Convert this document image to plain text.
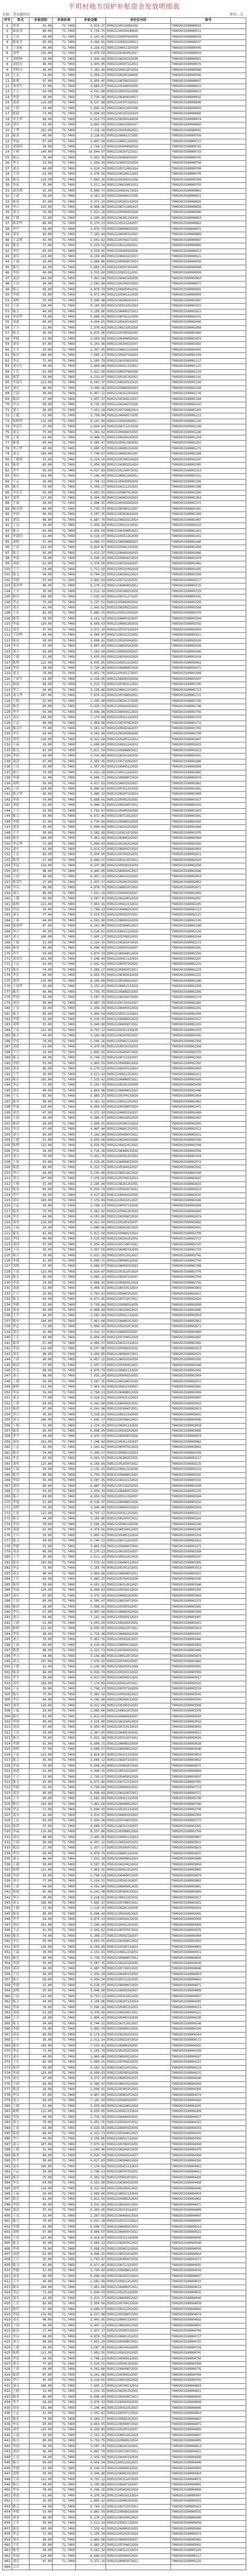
平坦村地方国炉补贴资金发放明细表
乡镇：老头楼村村	单位：元
序号	姓名	补贴面积	补贴标准	补贴金额	身份证号码	账号
1	李荣	42.00	71.7469	3,013.37	350521195210081032	79001653100000502
2	陈家荣	80.00	71.7469	5,739.75	350521195509190016	79001653100000511
3	王金	30.00	71.7469	2,152.41	350521195607042076	79001653100000529
4	陈家才	60.00	71.7469	4,304.81	350521195803250013	79001653100000537
5	王金标	45.00	71.7469	3,228.61	350521196011161018	79001653100000545
6	刘华	132.00	71.7469	9,470.59	350521195402052017	79001653100000553
7	刘德林	20.00	71.7469	1,434.94	350521196203101036	79001653100000561
8	刘德光	48.00	71.7469	3,443.85	350521196507212013	79001653100000570
9	李阿兴	99.00	71.7469	7,102.94	350521195811071034	79001653100000588
10	王永	74.00	71.7469	5,309.27	350521196105160035	79001653100000596
11	陈明	97.00	71.7469	6,959.45	350521196708231015	79001653100000607
12	刘金生	57.00	71.7469	4,089.57	350521195306031050	79001653100000615
13	王天	64.00	71.7469	4,591.80	350521195910152036	79001653100000623
14	李进	38.00	71.7469	2,726.38	350521196404010017	79001653100000631
15	刘春	119.00	71.7469	8,537.88	350521195707282013	79001653100000640
16	王海	26.00	71.7469	1,865.42	350521196912051038	79001653100000658
17	陈德	71.00	71.7469	5,094.03	350521195102191019	79001653100000666
18	李文华	88.00	71.7469	6,313.73	350521196309142034	79001653100000674
19	刘开	53.00	71.7469	3,802.59	350521196610301017	79001653100000682
20	王华	102.00	71.7469	7,318.18	350521195505082012	79001653100000691
21	陈金	45.00	71.7469	3,228.61	350521196001271055	79001653100000709
22	李福	67.00	71.7469	4,807.04	350521196811181031	79001653100000717
23	刘建国	39.00	71.7469	2,798.13	350521195604092016	79001653100000725
24	王明	140.00	71.7469	10,044.57	350521196207121011	79001653100000733
25	陈志	76.00	71.7469	5,452.76	350521195909031037	79001653100000741
26	李天	23.00	71.7469	1,650.18	350521196502252018	79001653100000750
27	刘水	84.00	71.7469	6,026.74	350521195712061014	79001653100000768
28	王清	61.00	71.7469	4,376.56	350521196108112033	79001653100000776
29	陈良	110.00	71.7469	7,892.16	350521195303211036	79001653100000784
30	李泉	35.00	71.7469	2,511.14	350521196610051012	79001653100000792
31	刘光明	92.00	71.7469	6,600.71	350521195810172019	79001653100000803
32	王进	58.00	71.7469	4,161.32	350521196404211035	79001653100000811
33	陈春	47.00	71.7469	3,372.10	350521195202132016	79001653100000820
34	李兴	125.00	71.7469	8,968.36	350521196711081013	79001653100000838
35	刘义	70.00	71.7469	5,022.28	350521195906052034	79001653100000846
36	王德	32.00	71.7469	2,295.90	350521196301191010	79001653100000854
37	陈金华	86.00	71.7469	6,170.23	350521195511242037	79001653100000862
38	李平	54.00	71.7469	3,874.33	350521196009031018	79001653100000871
39	刘安	99.00	71.7469	7,102.94	350521196506152015	79001653100000889
40	王志明	41.00	71.7469	2,941.62	350521195708271032	79001653100000897
41	陈水	77.00	71.7469	5,524.51	350521196212091011	79001653100000905
42	李长	63.00	71.7469	4,520.05	350521195404162036	79001653100000913
43	刘荣	115.00	71.7469	8,250.89	350521196810231017	79001653100000921
44	王福	29.00	71.7469	2,080.66	350521195603072014	79001653100000930
45	陈光	82.00	71.7469	5,883.25	350521196107291035	79001653100000948
46	李国	49.00	71.7469	3,515.60	350521195812112012	79001653100000956
47	刘清	104.00	71.7469	7,461.68	350521196403181039	79001653100000964
48	王良	36.00	71.7469	2,582.89	350521195209252010	79001653100000972
49	陈天	68.00	71.7469	4,878.79	350521196605041031	79001653100000981
50	李建	93.00	71.7469	6,672.46	350521195901122018	79001653100000999
51	刘明	55.00	71.7469	3,946.08	350521196308262014	79001653100001007
52	王泉	128.00	71.7469	9,183.60	350521195511012033	79001653100001015
53	陈文	44.00	71.7469	3,156.86	350521196006171012	79001653100001023
54	李春华	79.00	71.7469	5,668.01	350521196702222039	79001653100001031
55	刘进	60.00	71.7469	4,304.81	350521195410141015	79001653100001040
56	王兴	22.00	71.7469	1,578.43	350521196111052016	79001653100001058
57	陈义	95.00	71.7469	6,815.96	350521195706281033	79001653100001066
58	李德	51.00	71.7469	3,659.09	350521196409092010	79001653100001074
59	刘金	87.00	71.7469	6,241.98	350521195304231037	79001653100001082
60	王平	33.00	71.7469	2,367.65	350521196812122018	79001653100001091
61	陈安	106.00	71.7469	7,605.17	350521195607192014	79001653100001109
62	李志	72.00	71.7469	5,165.78	350521196203031031	79001653100001117
63	刘水生	40.00	71.7469	2,869.88	350521195911152012	79001653100001125
64	王长	81.00	71.7469	5,811.50	350521196507082039	79001653100001133
65	陈荣	59.00	71.7469	4,233.07	350521195201262015	79001653100001141
66	李福生	121.00	71.7469	8,681.37	350521196610131016	79001653100001150
67	刘光	46.00	71.7469	3,300.36	350521195805042033	79001653100001168
68	王国	90.00	71.7469	6,457.22	350521196312201010	79001653100001176
69	陈清	27.00	71.7469	1,937.17	350521195509112037	79001653100001184
70	李良	66.00	71.7469	4,735.30	350521196104271018	79001653100001192
71	刘天	98.00	71.7469	7,031.20	350521195710062014	79001653100001203
72	王建	52.00	71.7469	3,730.84	350521196408171035	79001653100001211
73	陈明华	113.00	71.7469	8,107.40	350521195302092012	79001653100001220
74	李泉生	37.00	71.7469	2,654.64	350521196711211039	79001653100001238
75	刘文	75.00	71.7469	5,381.02	350521195904032015	79001653100001246
76	王春	62.00	71.7469	4,448.31	350521196209141016	79001653100001254
77	陈进	89.00	71.7469	6,385.47	350521195412282033	79001653100001262
78	李兴华	43.00	71.7469	3,085.12	350521196005152010	79001653100001271
79	刘义	108.00	71.7469	7,748.67	350521196601061037	79001653100001289
80	王德明	31.00	71.7469	2,224.15	350521195708192018	79001653100001297
81	陈金	83.00	71.7469	5,954.99	350521196303252014	79001653100001305
82	李平	56.00	71.7469	4,017.83	350521195210072031	79001653100001313
83	刘安	101.00	71.7469	7,246.44	350521196812182012	79001653100001321
84	王志	39.00	71.7469	2,798.13	350521195605092039	79001653100001330
85	陈水	74.00	71.7469	5,309.27	350521196111232015	79001653100001348
86	李长生	65.00	71.7469	4,663.55	350521195807012016	79001653100001356
87	刘荣	117.00	71.7469	8,394.39	350521196402162033	79001653100001364
88	王福	28.00	71.7469	2,008.91	350521195509282010	79001653100001372
89	陈光明	80.00	71.7469	5,739.75	350521196706112037	79001653100001381
90	李国	50.00	71.7469	3,587.35	350521195303042018	79001653100001399
91	刘清	96.00	71.7469	6,887.70	350521196010212014	79001653100001407
92	王良	34.00	71.7469	2,439.39	350521195612132031	79001653100001415
93	陈天	69.00	71.7469	4,950.54	350521196204052012	79001653100001423
94	李建国	91.00	71.7469	6,528.97	350521195911262039	79001653100001431
95	刘明	57.00	71.7469	4,089.57	350521196508082015	79001653100001440
96	王泉	123.00	71.7469	8,824.87	350521195401192016	79001653100001458
97	陈文	42.00	71.7469	3,013.37	350521196609242033	79001653100001466
98	李春	78.00	71.7469	5,596.26	350521195803072010	79001653100001474
99	刘进	61.00	71.7469	4,376.56	350521196310182037	79001653100001482
100	王兴	24.00	71.7469	1,721.93	350521195510302018	79001653100001491
101	陈义	94.00	71.7469	6,744.21	350521196106122014	79001653100001509
102	李德	53.00	71.7469	3,802.59	350521195712252031	79001653100001517
103	刘金华	86.00	71.7469	6,170.23	350521196404032012	79001653100001525
104	王平	35.00	71.7469	2,511.14	350521195208152039	79001653100001533
105	陈安	105.00	71.7469	7,533.42	350521196711272015	79001653100001541
106	李志	73.00	71.7469	5,237.52	350521195902092016	79001653100001550
107	刘水	41.00	71.7469	2,941.62	350521196208212033	79001653100001568
108	王长	82.00	71.7469	5,883.25	350521195411032010	79001653100001576
109	陈荣	58.00	71.7469	4,161.32	350521196005162037	79001653100001584
110	李福	120.00	71.7469	8,609.63	350521196601282018	79001653100001592
111	刘光	47.00	71.7469	3,372.10	350521195707102014	79001653100001603
112	王国华	89.00	71.7469	6,385.47	350521196312222031	79001653100001611
113	陈清	28.00	71.7469	2,008.91	350521195203042012	79001653100001620
114	李良	67.00	71.7469	4,807.04	350521196810162039	79001653100001638
115	刘天	99.00	71.7469	7,102.94	350521195609282015	79001653100001646
116	王建	51.00	71.7469	3,659.09	350521196104102016	79001653100001654
117	陈明	112.00	71.7469	8,035.65	350521195812222033	79001653100001662
118	李泉	38.00	71.7469	2,726.38	350521196406052010	79001653100001671
119	刘文	76.00	71.7469	5,452.76	350521195501172037	79001653100001689
120	王春生	63.00	71.7469	4,520.05	350521196609292018	79001653100001697
121	陈进	88.00	71.7469	6,313.73	350521195303112014	79001653100001705
122	李兴	44.00	71.7469	3,156.86	350521196012232031	79001653100001713
123	刘义华	107.00	71.7469	7,676.92	350521195708052012	79001653100001721
124	王德	32.00	71.7469	2,295.90	350521196201172039	79001653100001730
125	陈金	84.00	71.7469	6,026.74	350521195910292015	79001653100001748
126	李平	55.00	71.7469	3,946.08	350521196504112016	79001653100001756
127	刘安	100.00	71.7469	7,174.69	350521195411232033	79001653100001764
128	王志	40.00	71.7469	2,869.88	350521196707062010	79001653100001772
129	陈水生	75.00	71.7469	5,381.02	350521195602182037	79001653100001781
130	李长	64.00	71.7469	4,591.80	350521196309302018	79001653100001799
131	刘荣	116.00	71.7469	8,322.64	350521195205122014	79001653100001807
132	王福	29.00	71.7469	2,080.66	350521196812242031	79001653100001815
133	陈光	81.00	71.7469	5,811.50	350521195808062012	79001653100001823
134	李国	49.00	71.7469	3,515.60	350521196102182039	79001653100001831
135	刘清	97.00	71.7469	6,959.45	350521195710302015	79001653100001840
136	王良	33.00	71.7469	2,367.65	350521196405122016	79001653100001858
137	陈天	70.00	71.7469	5,022.28	350521195512242033	79001653100001866
138	李建	92.00	71.7469	6,600.71	350521196008072010	79001653100001874
139	刘明	56.00	71.7469	4,017.83	350521196603192037	79001653100001882
140	王泉	124.00	71.7469	8,896.62	350521195311312018	79001653100001891
141	陈文华	43.00	71.7469	3,085.12	350521196207132014	79001653100001909
142	李春	79.00	71.7469	5,668.01	350521195902252031	79001653100001917
143	刘进	62.00	71.7469	4,448.31	350521196510072012	79001653100001925
144	王兴	25.00	71.7469	1,793.67	350521195405192039	79001653100001933
145	陈义	93.00	71.7469	6,672.46	350521196712012015	79001653100001941
146	李德	52.00	71.7469	3,730.84	350521195608132016	79001653100001950
147	刘金	85.00	71.7469	6,098.49	350521196103252033	79001653100001968
148	王平	36.00	71.7469	2,582.89	350521195811072010	79001653100001976
149	陈安	104.00	71.7469	7,461.68	350521196406192037	79001653100001984
150	李志华	71.00	71.7469	5,094.03	350521195201012018	79001653100001992
151	刘水	42.00	71.7469	3,013.37	350521196609132014	79001653100002003
152	王长	83.00	71.7469	5,954.99	350521195704252031	79001653100002011
153	陈荣	57.00	71.7469	4,089.57	350521196312072012	79001653100002020
154	李福	119.00	71.7469	8,537.88	350521195508192039	79001653100002038
155	刘光	48.00	71.7469	3,443.85	350521196002012015	79001653100002046
156	王国	90.00	71.7469	6,457.22	350521196610132016	79001653100002054
157	陈清生	27.00	71.7469	1,937.17	350521195305252033	79001653100002062
158	李良	68.00	71.7469	4,878.79	350521196801072010	79001653100002071
159	刘天	98.00	71.7469	7,031.20	350521195609192037	79001653100002089
160	王建	50.00	71.7469	3,587.35	350521196104012018	79001653100002097
161	陈明	111.00	71.7469	7,963.91	350521195812132014	79001653100002105
162	李泉	39.00	71.7469	2,798.13	350521196408252031	79001653100002113
163	刘文	77.00	71.7469	5,524.51	350521195501072012	79001653100002121
164	王春	64.00	71.7469	4,591.80	350521196609192039	79001653100002130
165	陈进华	87.00	71.7469	6,241.98	350521195304012015	79001653100002148
166	李兴	45.00	71.7469	3,228.61	350521196012132016	79001653100002156
167	刘义	106.00	71.7469	7,605.17	350521195708252033	79001653100002164
168	王德	31.00	71.7469	2,224.15	350521196201072010	79001653100002172
169	陈金	85.00	71.7469	6,098.49	350521195910192037	79001653100002181
170	李平	54.00	71.7469	3,874.33	350521196504012018	79001653100002199
171	刘安生	101.00	71.7469	7,246.44	350521195411132014	79001653100002207
172	王志	41.00	71.7469	2,941.62	350521196707252031	79001653100002215
173	陈水	74.00	71.7469	5,309.27	350521195602072012	79001653100002223
174	李长	65.00	71.7469	4,663.55	350521196309192039	79001653100002231
175	刘荣	115.00	71.7469	8,250.89	350521195205012015	79001653100002240
176	王福华	30.00	71.7469	2,152.41	350521196812132016	79001653100002258
177	陈光	80.00	71.7469	5,739.75	350521195808252033	79001653100002266
178	李国	50.00	71.7469	3,587.35	350521196102072010	79001653100002274
179	刘清	96.00	71.7469	6,887.70	350521195710192037	79001653100002282
180	王良	34.00	71.7469	2,439.39	350521196405012018	79001653100002291
181	陈天	69.00	71.7469	4,950.54	350521195512132014	79001653100002309
182	李建	91.00	71.7469	6,528.97	350521196008252031	79001653100002317
183	刘明	55.00	71.7469	3,946.08	350521196603072012	79001653100002325
184	王泉	122.00	71.7469	8,753.12	350521195311192039	79001653100002333
185	陈文	44.00	71.7469	3,156.86	350521196207012015	79001653100002341
186	李春	78.00	71.7469	5,596.26	350521195902132016	79001653100002350
187	刘进	61.00	71.7469	4,376.56	350521196510252033	79001653100002368
188	王兴	26.00	71.7469	1,865.42	350521195405072010	79001653100002376
189	陈义	94.00	71.7469	6,744.21	350521196712192037	79001653100002384
190	李德	53.00	71.7469	3,802.59	350521195608012018	79001653100002392
191	刘金	86.00	71.7469	6,170.23	350521196103132014	79001653100002403
192	王平	35.00	71.7469	2,511.14	350521195811252031	79001653100002411
193	陈安	105.00	71.7469	7,533.42	350521196406072012	79001653100002420
194	李志	72.00	71.7469	5,165.78	350521195201192039	79001653100002438
195	刘水	40.00	71.7469	2,869.88	350521196609012015	79001653100002446
196	王长	82.00	71.7469	5,883.25	350521195704132016	79001653100002454
197	陈荣	58.00	71.7469	4,161.32	350521196312252033	79001653100002462
198	李福	120.00	71.7469	8,609.63	350521195508072010	79001653100002471
199	刘光	47.00	71.7469	3,372.10	350521196002192037	79001653100002489
200	王国	89.00	71.7469	6,385.47	350521196610012018	79001653100002497
201	陈清	28.00	71.7469	2,008.91	350521195305132014	79001653100002505
202	李良	67.00	71.7469	4,807.04	350521196801252031	79001653100002513
203	刘天	99.00	71.7469	7,102.94	350521195609072012	79001653100002521
204	王建	51.00	71.7469	3,659.09	350521196104192039	79001653100002530
205	陈明	112.00	71.7469	8,035.65	350521195812012015	79001653100002548
206	李泉	38.00	71.7469	2,726.38	350521196408132016	79001653100002556
207	刘文	76.00	71.7469	5,452.76	350521195501252033	79001653100002564
208	王春	63.00	71.7469	4,520.05	350521196609072010	79001653100002572
209	陈进	88.00	71.7469	6,313.73	350521195304192037	79001653100002581
210	李兴	44.00	71.7469	3,156.86	350521196012012018	79001653100002599
211	刘义	107.00	71.7469	7,676.92	350521195708132014	79001653100002607
212	王德	32.00	71.7469	2,295.90	350521196201252031	79001653100002615
213	陈金	84.00	71.7469	6,026.74	350521195910072012	79001653100002623
214	李平	56.00	71.7469	4,017.83	350521196504192039	79001653100002631
215	刘安	100.00	71.7469	7,174.69	350521195411012015	79001653100002640
216	王志	39.00	71.7469	2,798.13	350521196707132016	79001653100002658
217	陈水	75.00	71.7469	5,381.02	350521195602252033	79001653100002666
218	李长	64.00	71.7469	4,591.80	350521196309072010	79001653100002674
219	刘荣	116.00	71.7469	8,322.64	350521195205192037	79001653100002682
220	王福	29.00	71.7469	2,080.66	350521196812012018	79001653100002691
221	陈光	81.00	71.7469	5,811.50	350521195808132014	79001653100002709
222	李国	49.00	71.7469	3,515.60	350521196102252031	79001653100002717
223	刘清	97.00	71.7469	6,959.45	350521195710072012	79001653100002725
224	王良	33.00	71.7469	2,367.65	350521196405192039	79001653100002733
225	陈天	70.00	71.7469	5,022.28	350521195512012015	79001653100002741
226	李建	92.00	71.7469	6,600.71	350521196008132016	79001653100002750
227	刘明	57.00	71.7469	4,089.57	350521196603252033	79001653100002768
228	王泉	123.00	71.7469	8,824.87	350521195311072010	79001653100002776
229	陈文	43.00	71.7469	3,085.12	350521196207192037	79001653100002784
230	李春	79.00	71.7469	5,668.01	350521195902012018	79001653100002792
231	刘进	62.00	71.7469	4,448.31	350521196510132014	79001653100002803
232	王兴	25.00	71.7469	1,793.67	350521195405252031	79001653100002811
233	陈义	93.00	71.7469	6,672.46	350521196712072012	79001653100002820
234	李德	52.00	71.7469	3,730.84	350521195608192039	79001653100002838
235	刘金	85.00	71.7469	6,098.49	350521196103012015	79001653100002846
236	王平	36.00	71.7469	2,582.89	350521195811132016	79001653100002854
237	陈安	104.00	71.7469	7,461.68	350521196406252033	79001653100002862
238	李志	71.00	71.7469	5,094.03	350521195201072010	79001653100002871
239	刘水	42.00	71.7469	3,013.37	350521196609192037	79001653100002889
240	王长	83.00	71.7469	5,954.99	350521195704012018	79001653100002897
241	陈荣	57.00	71.7469	4,089.57	350521196312132014	79001653100002905
242	李福	119.00	71.7469	8,537.88	350521195508252031	79001653100002913
243	刘光	48.00	71.7469	3,443.85	350521196002072012	79001653100002921
244	王国	90.00	71.7469	6,457.22	350521196610192039	79001653100002930
245	陈清	27.00	71.7469	1,937.17	350521195305012015	79001653100002948
246	李良	68.00	71.7469	4,878.79	350521196801132016	79001653100002956
247	刘天	98.00	71.7469	7,031.20	350521195609252033	79001653100002964
248	王建	50.00	71.7469	3,587.35	350521196104072010	79001653100002972
249	陈明	111.00	71.7469	7,963.91	350521195812192037	79001653100002981
250	李泉	39.00	71.7469	2,798.13	350521196408012018	79001653100002999
251	刘文	77.00	71.7469	5,524.51	350521195501132014	79001653100003007
252	王春	64.00	71.7469	4,591.80	350521196609252031	79001653100003015
253	陈进	87.00	71.7469	6,241.98	350521195304072012	79001653100003023
254	李兴	45.00	71.7469	3,228.61	350521196012192039	79001653100003031
255	刘义	106.00	71.7469	7,605.17	350521195708012015	79001653100003040
256	王德	31.00	71.7469	2,224.15	350521196201132016	79001653100003058
257	陈金	85.00	71.7469	6,098.49	350521195910252033	79001653100003066
258	李平	54.00	71.7469	3,874.33	350521196504072010	79001653100003074
259	刘安	101.00	71.7469	7,246.44	350521195411192037	79001653100003082
260	王志	41.00	71.7469	2,941.62	350521196707012018	79001653100003091
261	陈水	74.00	71.7469	5,309.27	350521195602132014	79001653100003109
262	李长	65.00	71.7469	4,663.55	350521196309252031	79001653100003117
263	刘荣	115.00	71.7469	8,250.89	350521195205072012	79001653100003125
264	王福	30.00	71.7469	2,152.41	350521196812192039	79001653100003133
265	陈光	80.00	71.7469	5,739.75	350521195808012015	79001653100003141
266	李国	50.00	71.7469	3,587.35	350521196102132016	79001653100003150
267	刘清	96.00	71.7469	6,887.70	350521195710252033	79001653100003168
268	王良	34.00	71.7469	2,439.39	350521196405072010	79001653100003176
269	陈天	69.00	71.7469	4,950.54	350521195512192037	79001653100003184
270	李建	91.00	71.7469	6,528.97	350521196008012018	79001653100003192
271	刘明	55.00	71.7469	3,946.08	350521196603132014	79001653100003203
272	王泉	122.00	71.7469	8,753.12	350521195311252031	79001653100003211
273	陈文	44.00	71.7469	3,156.86	350521196207072012	79001653100003220
274	李春	78.00	71.7469	5,596.26	350521195902192039	79001653100003238
275	刘进	61.00	71.7469	4,376.56	350521196510012015	79001653100003246
276	王兴	26.00	71.7469	1,865.42	350521195405132016	79001653100003254
277	陈义	94.00	71.7469	6,744.21	350521196712252033	79001653100003262
278	李德	53.00	71.7469	3,802.59	350521195608072010	79001653100003271
279	刘金	86.00	71.7469	6,170.23	350521196103192037	79001653100003289
280	王平	35.00	71.7469	2,511.14	350521195811012018	79001653100003297
281	陈安	105.00	71.7469	7,533.42	350521196406132014	79001653100003305
282	李志	72.00	71.7469	5,165.78	350521195201252031	79001653100003313
283	刘水	40.00	71.7469	2,869.88	350521196609072012	79001653100003321
284	王长	82.00	71.7469	5,883.25	350521195704192039	79001653100003330
285	陈荣	58.00	71.7469	4,161.32	350521196312012015	79001653100003348
286	李福	120.00	71.7469	8,609.63	350521195508132016	79001653100003356
287	刘光	47.00	71.7469	3,372.10	350521196002252033	79001653100003364
288	王国	89.00	71.7469	6,385.47	350521196610072010	79001653100003372
289	陈清	28.00	71.7469	2,008.91	350521195305192037	79001653100003381
290	李良	67.00	71.7469	4,807.04	350521196801012018	79001653100003399
291	刘天	99.00	71.7469	7,102.94	350521195609132014	79001653100003407
292	王建	51.00	71.7469	3,659.09	350521196104252031	79001653100003415
293	陈明	112.00	71.7469	8,035.65	350521195812072012	79001653100003423
294	李泉	38.00	71.7469	2,726.38	350521196408192039	79001653100003431
295	刘文	76.00	71.7469	5,452.76	350521195501012015	79001653100003440
296	王春	63.00	71.7469	4,520.05	350521196609132016	79001653100003458
297	陈进	88.00	71.7469	6,313.73	350521195304252033	79001653100003466
298	李兴	44.00	71.7469	3,156.86	350521196012072010	79001653100003474
299	刘义	107.00	71.7469	7,676.92	350521195708192037	79001653100003482
300	王德	32.00	71.7469	2,295.90	350521196201012018	79001653100003491
301	陈金	84.00	71.7469	6,026.74	350521195910132014	79001653100003509
302	李平	56.00	71.7469	4,017.83	350521196504252031	79001653100003517
303	刘安	100.00	71.7469	7,174.69	350521195411072012	79001653100003525
304	王志	39.00	71.7469	2,798.13	350521196707192039	79001653100003533
305	陈水	75.00	71.7469	5,381.02	350521195602012015	79001653100003541
306	李长	64.00	71.7469	4,591.80	350521196309132016	79001653100003550
307	刘荣	116.00	71.7469	8,322.64	350521195205252033	79001653100003568
308	王福	29.00	71.7469	2,080.66	350521196812072010	79001653100003576
309	陈光	81.00	71.7469	5,811.50	350521195808192037	79001653100003584
310	李国	49.00	71.7469	3,515.60	350521196102012018	79001653100003592
311	刘清	97.00	71.7469	6,959.45	350521195710132014	79001653100003603
312	王良	33.00	71.7469	2,367.65	350521196405252031	79001653100003611
313	陈天	70.00	71.7469	5,022.28	350521195512072012	79001653100003620
314	李建	92.00	71.7469	6,600.71	350521196008192039	79001653100003638
315	刘明	57.00	71.7469	4,089.57	350521196603012015	79001653100003646
316	王泉	123.00	71.7469	8,824.87	350521195311132016	79001653100003654
317	陈文	43.00	71.7469	3,085.12	350521196207252033	79001653100003662
318	李春	79.00	71.7469	5,668.01	350521195902072010	79001653100003671
319	刘进	62.00	71.7469	4,448.31	350521196510192037	79001653100003689
320	王兴	25.00	71.7469	1,793.67	350521195405012018	79001653100003697
321	陈义	93.00	71.7469	6,672.46	350521196712132014	79001653100003705
322	李德	52.00	71.7469	3,730.84	350521195608252031	79001653100003713
323	刘金	85.00	71.7469	6,098.49	350521196103072012	79001653100003721
324	王平	36.00	71.7469	2,582.89	350521195811192039	79001653100003730
325	陈安	104.00	71.7469	7,461.68	350521196406012015	79001653100003748
326	李志	71.00	71.7469	5,094.03	350521195201132016	79001653100003756
327	刘水	42.00	71.7469	3,013.37	350521196609252033	79001653100003764
328	王长	83.00	71.7469	5,954.99	350521195704072010	79001653100003772
329	陈荣	57.00	71.7469	4,089.57	350521196312192037	79001653100003781
330	李福	119.00	71.7469	8,537.88	350521195508012018	79001653100003799
331	刘光	48.00	71.7469	3,443.85	350521196002132014	79001653100003807
332	王国	90.00	71.7469	6,457.22	350521196610252031	79001653100003815
333	陈清	27.00	71.7469	1,937.17	350521195305072012	79001653100003823
334	李良	68.00	71.7469	4,878.79	350521196801192039	79001653100003831
335	刘天	98.00	71.7469	7,031.20	350521195609012015	79001653100003840
336	王建	50.00	71.7469	3,587.35	350521196104132016	79001653100003858
337	陈明	111.00	71.7469	7,963.91	350521195812252033	79001653100003866
338	李泉	39.00	71.7469	2,798.13	350521196408072010	79001653100003874
339	刘文	77.00	71.7469	5,524.51	350521195501192037	79001653100003882
340	王春	64.00	71.7469	4,591.80	350521196609012018	79001653100003891
341	陈进	87.00	71.7469	6,241.98	350521195304132014	79001653100003909
342	李兴	45.00	71.7469	3,228.61	350521196012252031	79001653100003917
343	刘义	106.00	71.7469	7,605.17	350521195708072012	79001653100003925
344	王德	31.00	71.7469	2,224.15	350521196201192039	79001653100003933
345	陈金	85.00	71.7469	6,098.49	350521195910012015	79001653100003941
346	李平	54.00	71.7469	3,874.33	350521196504132016	79001653100003950
347	刘安	101.00	71.7469	7,246.44	350521195411252033	79001653100003968
348	王志	41.00	71.7469	2,941.62	350521196707072010	79001653100003976
349	陈水	74.00	71.7469	5,309.27	350521195602192037	79001653100003984
350	李长	65.00	71.7469	4,663.55	350521196309012018	79001653100003992
351	刘荣	115.00	71.7469	8,250.89	350521195205132014	79001653100004003
352	王福	30.00	71.7469	2,152.41	350521196812252031	79001653100004011
353	陈光	80.00	71.7469	5,739.75	350521195808072012	79001653100004020
354	李国	50.00	71.7469	3,587.35	350521196102192039	79001653100004038
355	刘清	96.00	71.7469	6,887.70	350521195710012015	79001653100004046
356	王良	34.00	71.7469	2,439.39	350521196405132016	79001653100004054
357	陈天	69.00	71.7469	4,950.54	350521195512252033	79001653100004062
358	李建	91.00	71.7469	6,528.97	350521196008072010	79001653100004071
359	刘明	55.00	71.7469	3,946.08	350521196603192037	79001653100004089
360	王泉	122.00	71.7469	8,753.12	350521195311012018	79001653100004097
361	陈文	44.00	71.7469	3,156.86	350521196207132014	79001653100004105
362	李春	78.00	71.7469	5,596.26	350521195902252031	79001653100004113
363	刘进	61.00	71.7469	4,376.56	350521196510072012	79001653100004121
364	王兴	26.00	71.7469	1,865.42	350521195405192039	79001653100004130
365	陈义	94.00	71.7469	6,744.21	350521196712012015	79001653100004148
366	李德	53.00	71.7469	3,802.59	350521195608132016	79001653100004156
367	刘金	86.00	71.7469	6,170.23	350521196103252033	79001653100004164
368	王平	35.00	71.7469	2,511.14	350521195811072010	79001653100004172
369	陈安	105.00	71.7469	7,533.42	350521196406192037	79001653100004181
370	李志	72.00	71.7469	5,165.78	350521195201012018	79001653100004199
371	刘水	40.00	71.7469	2,869.88	350521196609132014	79001653100004207
372	王长	82.00	71.7469	5,883.25	350521195704252031	79001653100004215
373	陈荣	58.00	71.7469	4,161.32	350521196312072012	79001653100004223
374	李福	120.00	71.7469	8,609.63	350521195508192039	79001653100004231
375	刘光	47.00	71.7469	3,372.10	350521196002012015	79001653100004240
376	王国	89.00	71.7469	6,385.47	350521196610132016	79001653100004258
377	陈清	28.00	71.7469	2,008.91	350521195305252033	79001653100004266
378	李良	67.00	71.7469	4,807.04	350521196801072010	79001653100004274
379	刘天	99.00	71.7469	7,102.94	350521195609192037	79001653100004282
380	王建	51.00	71.7469	3,659.09	350521196104012018	79001653100004291
381	陈明	112.00	71.7469	8,035.65	350521195812132014	79001653100004309
382	李泉	38.00	71.7469	2,726.38	350521196408252031	79001653100004317
383	刘文	76.00	71.7469	5,452.76	350521195501072012	79001653100004325
384	王春	63.00	71.7469	4,520.05	350521196609192039	79001653100004333
385	陈进	88.00	71.7469	6,313.73	350521195304012015	79001653100004341
386	李兴	44.00	71.7469	3,156.86	350521196012132016	79001653100004350
387	刘义	107.00	71.7469	7,676.92	350521195708252033	79001653100004368
388	王德	32.00	71.7469	2,295.90	350521196201072010	79001653100004376
389	陈金	84.00	71.7469	6,026.74	350521195910192037	79001653100004384
390	李平	56.00	71.7469	4,017.83	350521196504012018	79001653100004392
391	刘安	100.00	71.7469	7,174.69	350521195411132014	79001653100004403
392	王志	39.00	71.7469	2,798.13	350521196707252031	79001653100004411
393	陈水	75.00	71.7469	5,381.02	350521195602072012	79001653100004420
394	李长	64.00	71.7469	4,591.80	350521196309192039	79001653100004438
395	刘荣	116.00	71.7469	8,322.64	350521195205012015	79001653100004446
396	王福	29.00	71.7469	2,080.66	350521196812132016	79001653100004454
397	陈光	81.00	71.7469	5,811.50	350521195808252033	79001653100004462
398	李国	49.00	71.7469	3,515.60	350521196102072010	79001653100004471
399	刘清	97.00	71.7469	6,959.45	350521195710192037	79001653100004489
400	王良	33.00	71.7469	2,367.65	350521196405012018	79001653100004497
401	陈天	70.00	71.7469	5,022.28	350521195512132014	79001653100004505
402	李建	92.00	71.7469	6,600.71	350521196008252031	79001653100004513
403	刘明	57.00	71.7469	4,089.57	350521196603072012	79001653100004521
404	王泉	123.00	71.7469	8,824.87	350521195311192039	79001653100004530
405	陈文	43.00	71.7469	3,085.12	350521196207012015	79001653100004548
406	李春	79.00	71.7469	5,668.01	350521195902132016	79001653100004556
407	刘进	62.00	71.7469	4,448.31	350521196510252033	79001653100004564
408	王兴	25.00	71.7469	1,793.67	350521195405072010	79001653100004572
409	陈义	93.00	71.7469	6,672.46	350521196712192037	79001653100004581
410	李德	52.00	71.7469	3,730.84	350521195608012018	79001653100004599
411	刘金	85.00	71.7469	6,098.49	350521196103132014	79001653100004607
412	王平	36.00	71.7469	2,582.89	350521195811252031	79001653100004615
413	陈安	104.00	71.7469	7,461.68	350521196406072012	79001653100004623
414	李志	71.00	71.7469	5,094.03	350521195201192039	79001653100004631
415	刘水	42.00	71.7469	3,013.37	350521196609012015	79001653100004640
416	王长	83.00	71.7469	5,954.99	350521195704132016	79001653100004658
417	陈荣	57.00	71.7469	4,089.57	350521196312252033	79001653100004666
418	李福	119.00	71.7469	8,537.88	350521195508072010	79001653100004674
419	刘光	48.00	71.7469	3,443.85	350521196002192037	79001653100004682
420	王国	90.00	71.7469	6,457.22	350521196610012018	79001653100004691
421	陈清	27.00	71.7469	1,937.17	350521195305132014	79001653100004709
422	李良	68.00	71.7469	4,878.79	350521196801252031	79001653100004717
423	刘天	98.00	71.7469	7,031.20	350521195609072012	79001653100004725
424	王建	50.00	71.7469	3,587.35	350521196104192039	79001653100004733
425	陈明	111.00	71.7469	7,963.91	350521195812012015	79001653100004741
426	李泉	39.00	71.7469	2,798.13	350521196408132016	79001653100004750
427	刘文	77.00	71.7469	5,524.51	350521195501252033	79001653100004768
428	王春	64.00	71.7469	4,591.80	350521196609072010	79001653100004776
429	陈进	87.00	71.7469	6,241.98	350521195304192037	79001653100004784
430	李兴	45.00	71.7469	3,228.61	350521196012012018	79001653100004792
431	刘义	106.00	71.7469	7,605.17	350521195708132014	79001653100004803
432	王德	31.00	71.7469	2,224.15	350521196201252031	79001653100004811
433	陈金	85.00	71.7469	6,098.49	350521195910072012	79001653100004820
434	李平	54.00	71.7469	3,874.33	350521196504192039	79001653100004838
435	刘安	101.00	71.7469	7,246.44	350521195411012015	79001653100004846
436	王志	41.00	71.7469	2,941.62	350521196707132016	79001653100004854
437	陈水	74.00	71.7469	5,309.27	350521195602252033	79001653100004862
438	李长	65.00	71.7469	4,663.55	350521196309072010	79001653100004871
439	刘荣	115.00	71.7469	8,250.89	350521195205192037	79001653100004889
440	王福	30.00	71.7469	2,152.41	350521196812012018	79001653100004897
441	陈光	80.00	71.7469	5,739.75	350521195808132014	79001653100004905
442	李国	50.00	71.7469	3,587.35	350521196102252031	79001653100004913
443	刘清	96.00	71.7469	6,887.70	350521195710072012	79001653100004921
444	王良	34.00	71.7469	2,439.39	350521196405192039	79001653100004930
445	陈天	69.00	71.7469	4,950.54	350521195512012015	79001653100004948
446	李建	91.00	71.7469	6,528.97	350521196008132016	79001653100004956
447	刘明	55.00	71.7469	3,946.08	350521196603252033	79001653100004964
448	王泉	122.00	71.7469	8,753.12	350521195311072010	79001653100004972
449	陈文	44.00	71.7469	3,156.86	350521196207192037	79001653100004981
450	李春	78.00	71.7469	5,596.26	350521195902012018	79001653100004999
451	刘进	61.00	71.7469	4,376.56	350521196510132014	79001653100005007
452	王兴	26.00	71.7469	1,865.42	350521195405252031	79001653100005015
453	陈义	94.00	71.7469	6,744.21	350521196712072012	79001653100005023
454	李德	53.00	71.7469	3,802.59	350521195608192039	79001653100005031
455	刘金	86.00	71.7469	6,170.23	350521196103012015	79001653100005040
456	王平	35.00	71.7469	2,511.14	350521195811132016	79001653100005058
457	陈安	105.00	71.7469	7,533.42	350521196406252033	79001653100005066
458	李志	72.00	71.7469	5,165.78	350521195201072010	79001653100005074
459	刘水	40.00	71.7469	2,869.88	350521196609192037	79001653100005082
460	王长	82.00	71.7469	5,883.25	350521195704012018	79001653100005091
461	陈荣	58.00	71.7469	4,161.32	350521196312132014	79001653100005109
462	李福	120.00	71.7469	8,609.63	350521195508252031	79001653100005117
463	刘光	47.00	71.7469	3,372.10	350521196002072012	79001653100005125
464	合计					
